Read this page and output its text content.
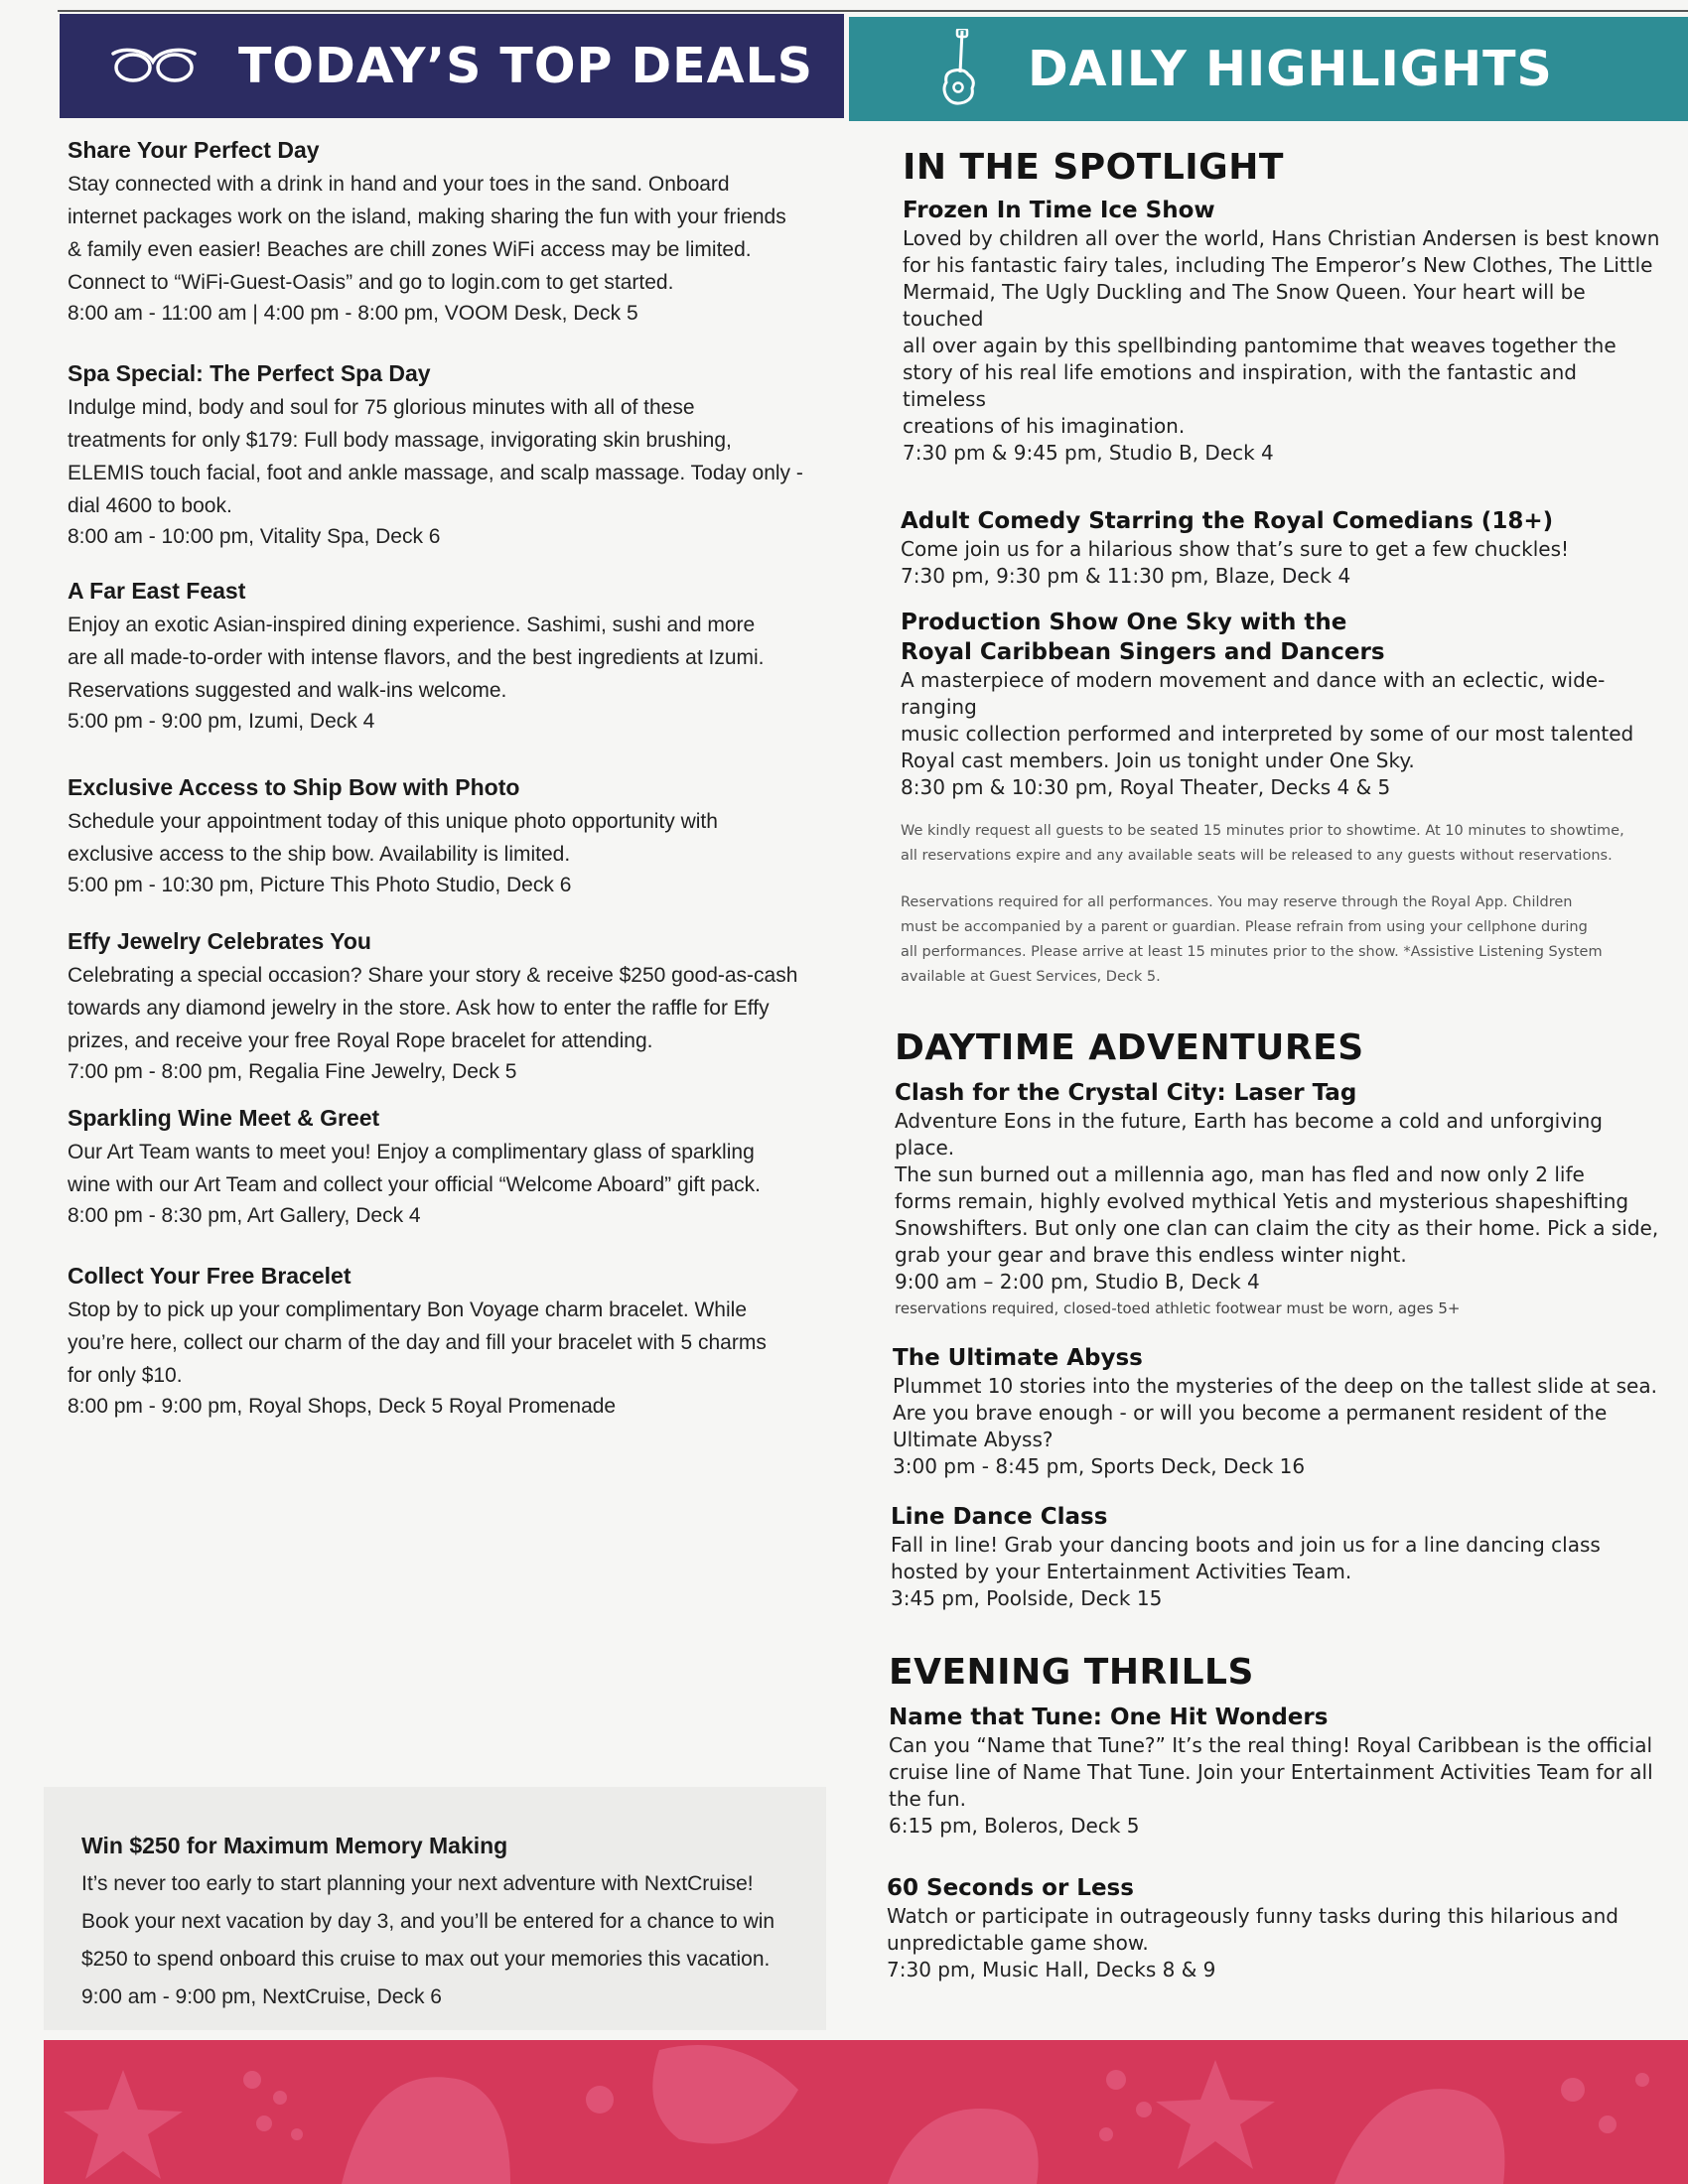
TODAY’S TOP DEALS	DAILY HIGHLIGHTS
Share Your Perfect Day
Stay connected with a drink in hand and your toes in the sand. Onboard
internet packages work on the island, making sharing the fun with your friends
& family even easier! Beaches are chill zones WiFi access may be limited.
Connect to “WiFi-Guest-Oasis” and go to login.com to get started.
8:00 am - 11:00 am | 4:00 pm - 8:00 pm, VOOM Desk, Deck 5
Spa Special: The Perfect Spa Day
Indulge mind, body and soul for 75 glorious minutes with all of these
treatments for only $179: Full body massage, invigorating skin brushing,
ELEMIS touch facial, foot and ankle massage, and scalp massage. Today only -
dial 4600 to book.
8:00 am - 10:00 pm, Vitality Spa, Deck 6
A Far East Feast
Enjoy an exotic Asian-inspired dining experience. Sashimi, sushi and more
are all made-to-order with intense flavors, and the best ingredients at Izumi.
Reservations suggested and walk-ins welcome.
5:00 pm - 9:00 pm, Izumi, Deck 4
Exclusive Access to Ship Bow with Photo
Schedule your appointment today of this unique photo opportunity with
exclusive access to the ship bow. Availability is limited.
5:00 pm - 10:30 pm, Picture This Photo Studio, Deck 6
Effy Jewelry Celebrates You
Celebrating a special occasion? Share your story & receive $250 good-as-cash
towards any diamond jewelry in the store. Ask how to enter the raffle for Effy
prizes, and receive your free Royal Rope bracelet for attending.
7:00 pm - 8:00 pm, Regalia Fine Jewelry, Deck 5
Sparkling Wine Meet & Greet
Our Art Team wants to meet you! Enjoy a complimentary glass of sparkling
wine with our Art Team and collect your official “Welcome Aboard” gift pack.
8:00 pm - 8:30 pm, Art Gallery, Deck 4
Collect Your Free Bracelet
Stop by to pick up your complimentary Bon Voyage charm bracelet. While
you’re here, collect our charm of the day and fill your bracelet with 5 charms
for only $10.
8:00 pm - 9:00 pm, Royal Shops, Deck 5 Royal Promenade
Win $250 for Maximum Memory Making
It’s never too early to start planning your next adventure with NextCruise!
Book your next vacation by day 3, and you’ll be entered for a chance to win
$250 to spend onboard this cruise to max out your memories this vacation.
9:00 am - 9:00 pm, NextCruise, Deck 6
IN THE SPOTLIGHT
Frozen In Time Ice Show
Loved by children all over the world, Hans Christian Andersen is best known
for his fantastic fairy tales, including The Emperor’s New Clothes, The Little
Mermaid, The Ugly Duckling and The Snow Queen. Your heart will be touched
all over again by this spellbinding pantomime that weaves together the
story of his real life emotions and inspiration, with the fantastic and timeless
creations of his imagination.
7:30 pm & 9:45 pm, Studio B, Deck 4
Adult Comedy Starring the Royal Comedians (18+)
Come join us for a hilarious show that’s sure to get a few chuckles!
7:30 pm, 9:30 pm & 11:30 pm, Blaze, Deck 4
Production Show One Sky with the
Royal Caribbean Singers and Dancers
A masterpiece of modern movement and dance with an eclectic, wide-ranging
music collection performed and interpreted by some of our most talented
Royal cast members. Join us tonight under One Sky.
8:30 pm & 10:30 pm, Royal Theater, Decks 4 & 5
We kindly request all guests to be seated 15 minutes prior to showtime. At 10 minutes to showtime,
all reservations expire and any available seats will be released to any guests without reservations.
Reservations required for all performances. You may reserve through the Royal App. Children
must be accompanied by a parent or guardian. Please refrain from using your cellphone during
all performances. Please arrive at least 15 minutes prior to the show. *Assistive Listening System
available at Guest Services, Deck 5.
DAYTIME ADVENTURES
Clash for the Crystal City: Laser Tag
Adventure Eons in the future, Earth has become a cold and unforgiving place.
The sun burned out a millennia ago, man has fled and now only 2 life
forms remain, highly evolved mythical Yetis and mysterious shapeshifting
Snowshifters. But only one clan can claim the city as their home. Pick a side,
grab your gear and brave this endless winter night.
9:00 am – 2:00 pm, Studio B, Deck 4
reservations required, closed-toed athletic footwear must be worn, ages 5+
The Ultimate Abyss
Plummet 10 stories into the mysteries of the deep on the tallest slide at sea.
Are you brave enough - or will you become a permanent resident of the
Ultimate Abyss?
3:00 pm - 8:45 pm, Sports Deck, Deck 16
Line Dance Class
Fall in line! Grab your dancing boots and join us for a line dancing class
hosted by your Entertainment Activities Team.
3:45 pm, Poolside, Deck 15
EVENING THRILLS
Name that Tune: One Hit Wonders
Can you “Name that Tune?” It’s the real thing! Royal Caribbean is the official
cruise line of Name That Tune. Join your Entertainment Activities Team for all
the fun.
6:15 pm, Boleros, Deck 5
60 Seconds or Less
Watch or participate in outrageously funny tasks during this hilarious and
unpredictable game show.
7:30 pm, Music Hall, Decks 8 & 9
